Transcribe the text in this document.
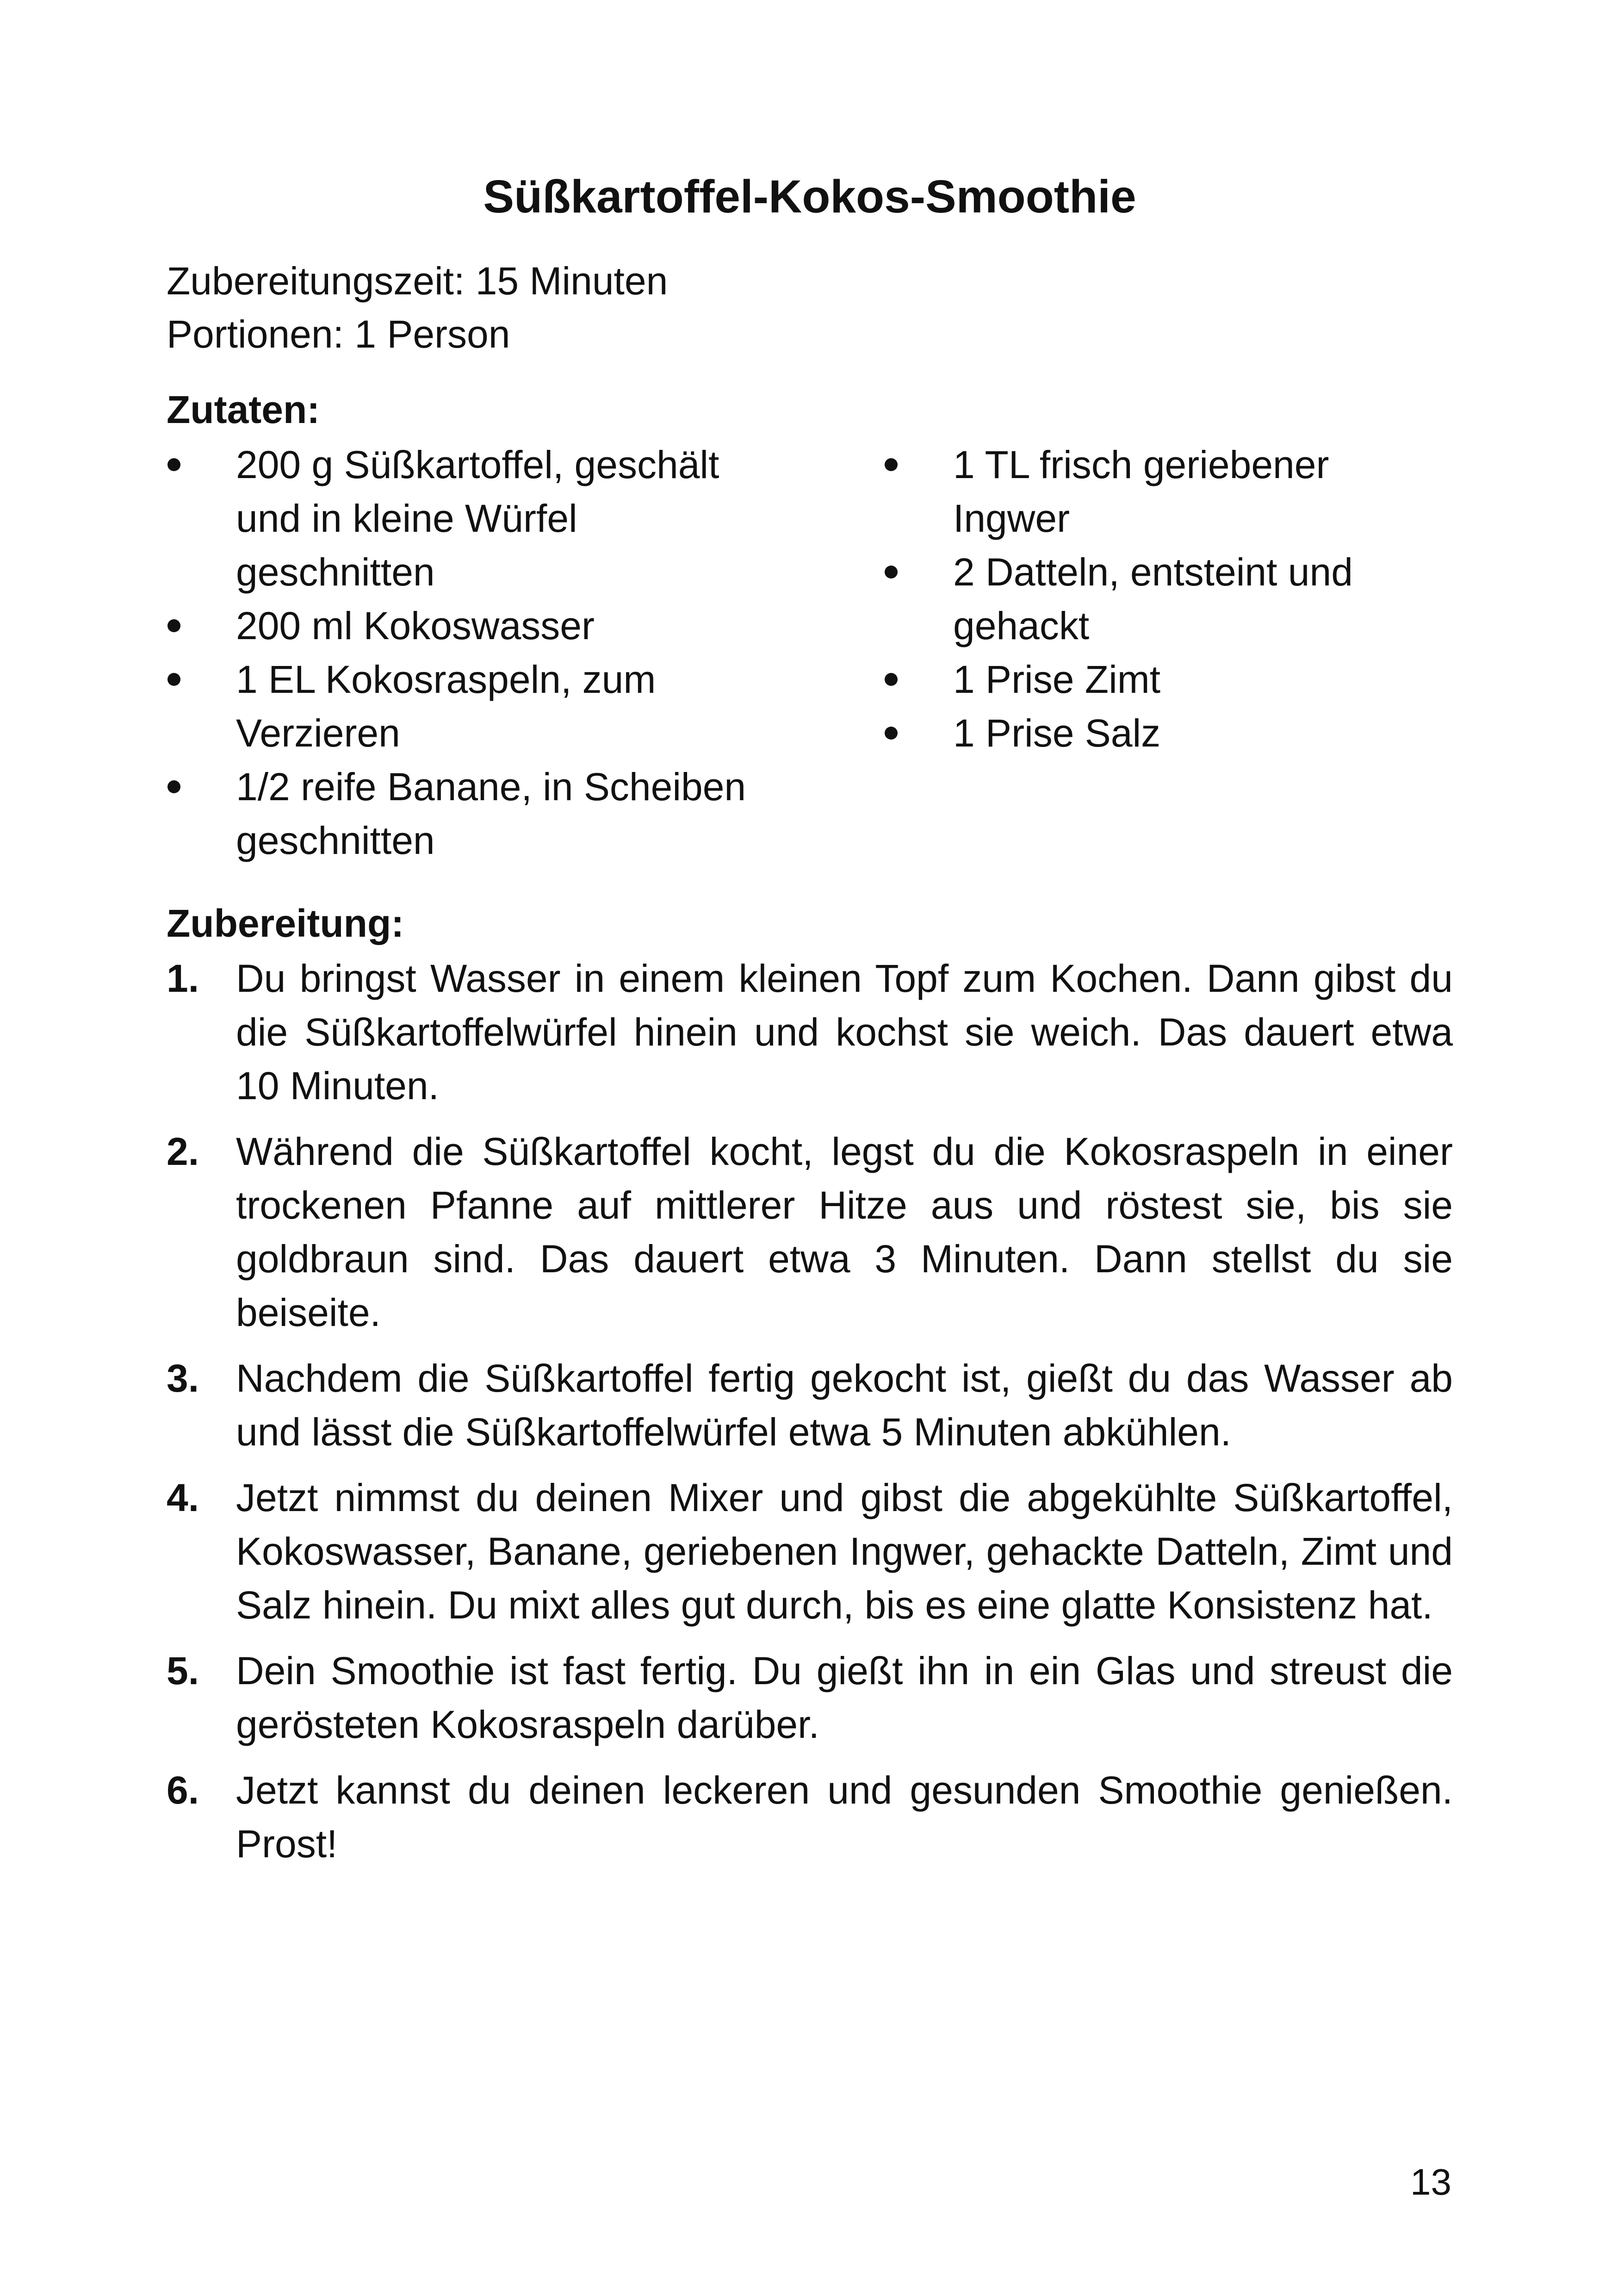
Süßkartoffel-Kokos-Smoothie
Zubereitungszeit: 15 Minuten
Portionen: 1 Person
Zutaten:
200 g Süßkartoffel, geschält und in kleine Würfel geschnitten
200 ml Kokoswasser
1 EL Kokosraspeln, zum Verzieren
1/2 reife Banane, in Scheiben geschnitten
1 TL frisch geriebener Ingwer
2 Datteln, entsteint und gehackt
1 Prise Zimt
1 Prise Salz
Zubereitung:
1. Du bringst Wasser in einem kleinen Topf zum Kochen. Dann gibst du die Süßkartoffelwürfel hinein und kochst sie weich. Das dauert etwa 10 Minuten.
2. Während die Süßkartoffel kocht, legst du die Kokosraspeln in einer trockenen Pfanne auf mittlerer Hitze aus und röstest sie, bis sie goldbraun sind. Das dauert etwa 3 Minuten. Dann stellst du sie beiseite.
3. Nachdem die Süßkartoffel fertig gekocht ist, gießt du das Wasser ab und lässt die Süßkartoffelwürfel etwa 5 Minuten abkühlen.
4. Jetzt nimmst du deinen Mixer und gibst die abgekühlte Süßkartoffel, Kokoswasser, Banane, geriebenen Ingwer, gehackte Datteln, Zimt und Salz hinein. Du mixt alles gut durch, bis es eine glatte Konsistenz hat.
5. Dein Smoothie ist fast fertig. Du gießt ihn in ein Glas und streust die gerösteten Kokosraspeln darüber.
6. Jetzt kannst du deinen leckeren und gesunden Smoothie genießen. Prost!
13
